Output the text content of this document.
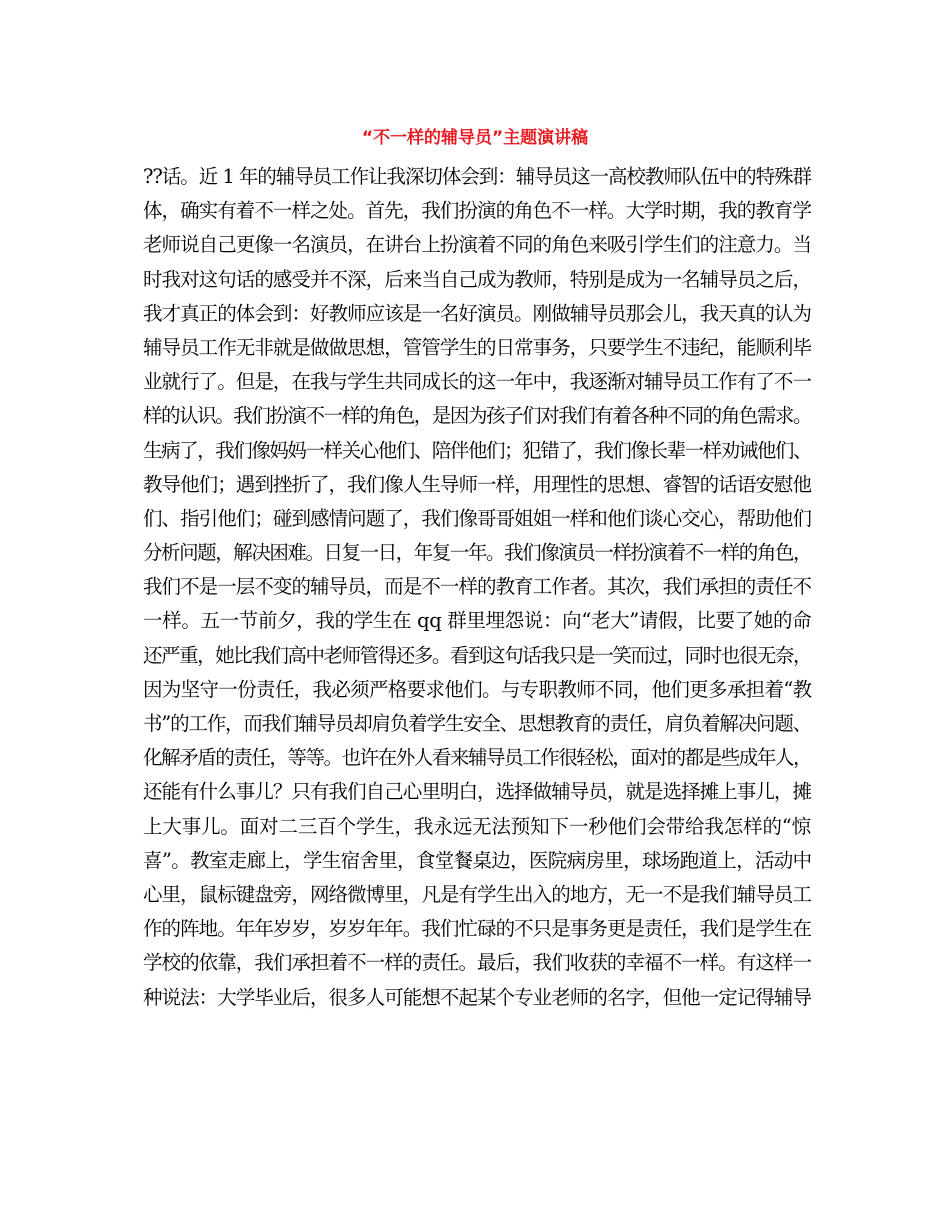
“不一样的辅导员”主题演讲稿
??话。近 1 年的辅导员工作让我深切体会到：辅导员这一高校教师队伍中的特殊群
体，确实有着不一样之处。首先，我们扮演的角色不一样。大学时期，我的教育学
老师说自己更像一名演员，在讲台上扮演着不同的角色来吸引学生们的注意力。当
时我对这句话的感受并不深，后来当自己成为教师，特别是成为一名辅导员之后，
我才真正的体会到：好教师应该是一名好演员。刚做辅导员那会儿，我天真的认为
辅导员工作无非就是做做思想，管管学生的日常事务，只要学生不违纪，能顺利毕
业就行了。但是，在我与学生共同成长的这一年中，我逐渐对辅导员工作有了不一
样的认识。我们扮演不一样的角色，是因为孩子们对我们有着各种不同的角色需求。
生病了，我们像妈妈一样关心他们、陪伴他们；犯错了，我们像长辈一样劝诫他们、
教导他们；遇到挫折了，我们像人生导师一样，用理性的思想、睿智的话语安慰他
们、指引他们；碰到感情问题了，我们像哥哥姐姐一样和他们谈心交心，帮助他们
分析问题，解决困难。日复一日，年复一年。我们像演员一样扮演着不一样的角色，
我们不是一层不变的辅导员，而是不一样的教育工作者。其次，我们承担的责任不
一样。五一节前夕，我的学生在 qq 群里埋怨说：向“老大”请假，比要了她的命
还严重，她比我们高中老师管得还多。看到这句话我只是一笑而过，同时也很无奈，
因为坚守一份责任，我必须严格要求他们。与专职教师不同，他们更多承担着“教
书”的工作，而我们辅导员却肩负着学生安全、思想教育的责任，肩负着解决问题、
化解矛盾的责任，等等。也许在外人看来辅导员工作很轻松，面对的都是些成年人，
还能有什么事儿？只有我们自己心里明白，选择做辅导员，就是选择摊上事儿，摊
上大事儿。面对二三百个学生，我永远无法预知下一秒他们会带给我怎样的“惊
喜”。教室走廊上，学生宿舍里，食堂餐桌边，医院病房里，球场跑道上，活动中
心里，鼠标键盘旁，网络微博里，凡是有学生出入的地方，无一不是我们辅导员工
作的阵地。年年岁岁，岁岁年年。我们忙碌的不只是事务更是责任，我们是学生在
学校的依靠，我们承担着不一样的责任。最后，我们收获的幸福不一样。有这样一
种说法：大学毕业后，很多人可能想不起某个专业老师的名字，但他一定记得辅导
